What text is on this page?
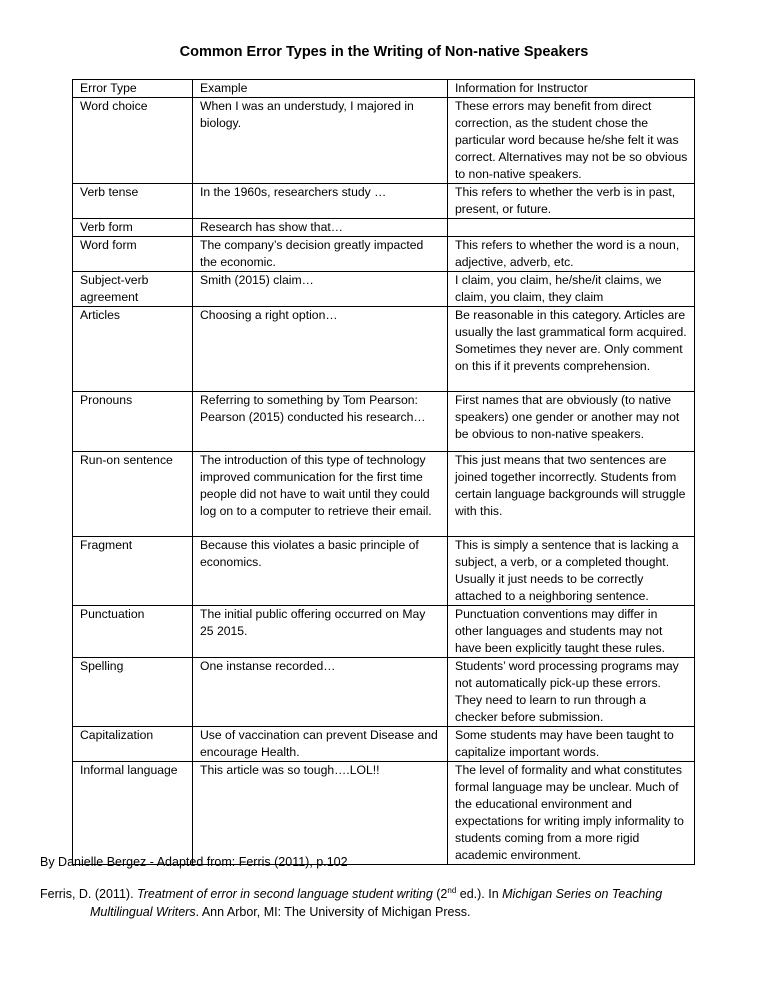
Common Error Types in the Writing of Non-native Speakers
Error Type	Example	Information for Instructor
Word choice	When I was an understudy, I majored in biology.	These errors may benefit from direct correction, as the student chose the particular word because he/she felt it was correct. Alternatives may not be so obvious to non-native speakers.
Verb tense	In the 1960s, researchers study …	This refers to whether the verb is in past, present, or future.
Verb form	Research has show that…	
Word form	The company’s decision greatly impacted the economic.	This refers to whether the word is a noun, adjective, adverb, etc.
Subject-verb agreement	Smith (2015) claim…	I claim, you claim, he/she/it claims, we claim, you claim, they claim
Articles	Choosing a right option…	Be reasonable in this category. Articles are usually the last grammatical form acquired. Sometimes they never are. Only comment on this if it prevents comprehension.
Pronouns	Referring to something by Tom Pearson: Pearson (2015) conducted his research…	First names that are obviously (to native speakers) one gender or another may not be obvious to non-native speakers.
Run-on sentence	The introduction of this type of technology improved communication for the first time people did not have to wait until they could log on to a computer to retrieve their email.	This just means that two sentences are joined together incorrectly. Students from certain language backgrounds will struggle with this.
Fragment	Because this violates a basic principle of economics.	This is simply a sentence that is lacking a subject, a verb, or a completed thought. Usually it just needs to be correctly attached to a neighboring sentence.
Punctuation	The initial public offering occurred on May 25 2015.	Punctuation conventions may differ in other languages and students may not have been explicitly taught these rules.
Spelling	One instanse recorded…	Students’ word processing programs may not automatically pick-up these errors. They need to learn to run through a checker before submission.
Capitalization	Use of vaccination can prevent Disease and encourage Health.	Some students may have been taught to capitalize important words.
Informal language	This article was so tough….LOL!!	The level of formality and what constitutes formal language may be unclear. Much of the educational environment and expectations for writing imply informality to students coming from a more rigid academic environment.
By Danielle Bergez - Adapted from: Ferris (2011), p.102
Ferris, D. (2011). Treatment of error in second language student writing (2nd ed.). In Michigan Series on Teaching
Multilingual Writers. Ann Arbor, MI: The University of Michigan Press.
